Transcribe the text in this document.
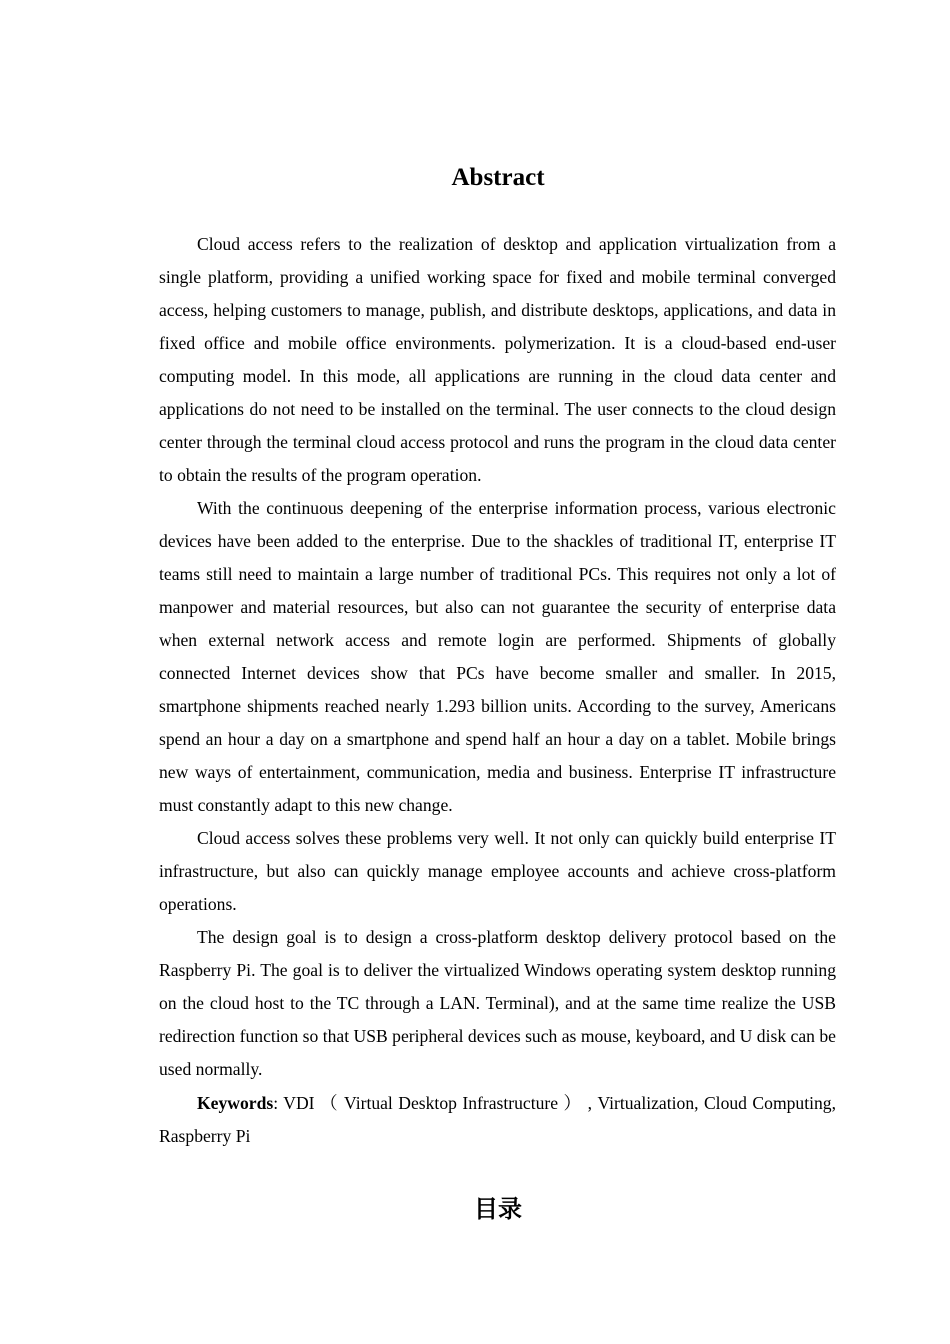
Abstract

Cloud access refers to the realization of desktop and application virtualization from a single platform, providing a unified working space for fixed and mobile terminal converged access, helping customers to manage, publish, and distribute desktops, applications, and data in fixed office and mobile office environments. polymerization. It is a cloud-based end-user computing model. In this mode, all applications are running in the cloud data center and applications do not need to be installed on the terminal. The user connects to the cloud design center through the terminal cloud access protocol and runs the program in the cloud data center to obtain the results of the program operation.

With the continuous deepening of the enterprise information process, various electronic devices have been added to the enterprise. Due to the shackles of traditional IT, enterprise IT teams still need to maintain a large number of traditional PCs. This requires not only a lot of manpower and material resources, but also can not guarantee the security of enterprise data when external network access and remote login are performed. Shipments of globally connected Internet devices show that PCs have become smaller and smaller. In 2015, smartphone shipments reached nearly 1.293 billion units. According to the survey, Americans spend an hour a day on a smartphone and spend half an hour a day on a tablet. Mobile brings new ways of entertainment, communication, media and business. Enterprise IT infrastructure must constantly adapt to this new change.

Cloud access solves these problems very well. It not only can quickly build enterprise IT infrastructure, but also can quickly manage employee accounts and achieve cross-platform operations.

The design goal is to design a cross-platform desktop delivery protocol based on the Raspberry Pi. The goal is to deliver the virtualized Windows operating system desktop running on the cloud host to the TC through a LAN. Terminal), and at the same time realize the USB redirection function so that USB peripheral devices such as mouse, keyboard, and U disk can be used normally.

Keywords: VDI （ Virtual Desktop Infrastructure ） , Virtualization, Cloud Computing, Raspberry Pi

目录
